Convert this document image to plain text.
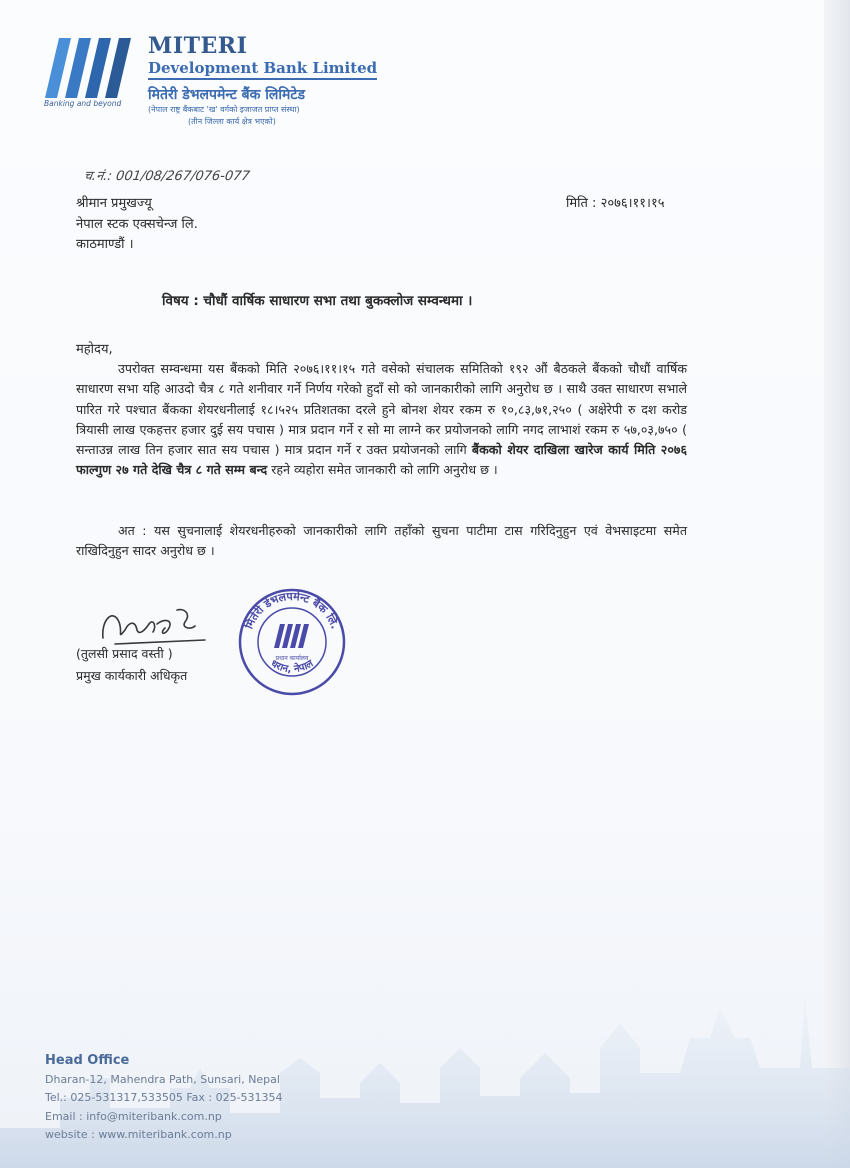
Banking and beyond
MITERI
Development Bank Limited
मितेरी डेभलपमेन्ट बैंक लिमिटेड
(नेपाल राष्ट्र बैंकबाट 'ख' वर्गको इजाजत प्राप्त संस्था)
(तीन जिल्ला कार्य क्षेत्र भएको)
च.नं.: 001/08/267/076-077
श्रीमान प्रमुखज्यू
नेपाल स्टक एक्सचेन्ज लि.
काठमाण्डौं ।
मिति : २०७६।११।१५
विषय : चौधौं वार्षिक साधारण सभा तथा बुकक्लोज सम्वन्धमा ।
महोदय,

उपरोक्त सम्वन्धमा यस बैंकको मिति २०७६।११।१५ गते वसेको संचालक समितिको १९२ औं बैठकले बैंकको चौधौं वार्षिक साधारण सभा यहि आउदो चैत्र ८ गते शनीवार गर्ने निर्णय गरेको हुदाँ सो को जानकारीको लागि अनुरोध छ । साथै उक्त साधारण सभाले पारित गरे पश्चात बैंकका शेयरधनीलाई १८।५२५ प्रतिशतका दरले हुने बोनश शेयर रकम रु १०,८३,७१,२५० ( अक्षेरेपी रु दश करोड त्रियासी लाख एकहत्तर हजार दुई सय पचास ) मात्र प्रदान गर्ने र सो मा लाग्ने कर प्रयोजनको लागि नगद लाभाशं रकम रु ५७,०३,७५० ( सन्ताउन्न लाख तिन हजार सात सय पचास ) मात्र प्रदान गर्ने र उक्त प्रयोजनको लागि बैंकको शेयर दाखिला खारेज कार्य मिति २०७६ फाल्गुण २७ गते देखि चैत्र ८ गते सम्म बन्द रहने व्यहोरा समेत जानकारी को लागि अनुरोध छ ।

अत : यस सुचनालाई शेयरधनीहरुको जानकारीको लागि तहाँको सुचना पाटीमा टास गरिदिनुहुन एवं वेभसाइटमा समेत राखिदिनुहुन सादर अनुरोध छ ।

(तुलसी प्रसाद वस्ती )
प्रमुख कार्यकारी अधिकृत
मितेरी डेभलपमेन्ट बैंक लि.
धरान, नेपाल
प्रधान कार्यालय
Head Office
Dharan-12, Mahendra Path, Sunsari, Nepal
Tel.: 025-531317,533505 Fax : 025-531354
Email : info@miteribank.com.np
website : www.miteribank.com.np
